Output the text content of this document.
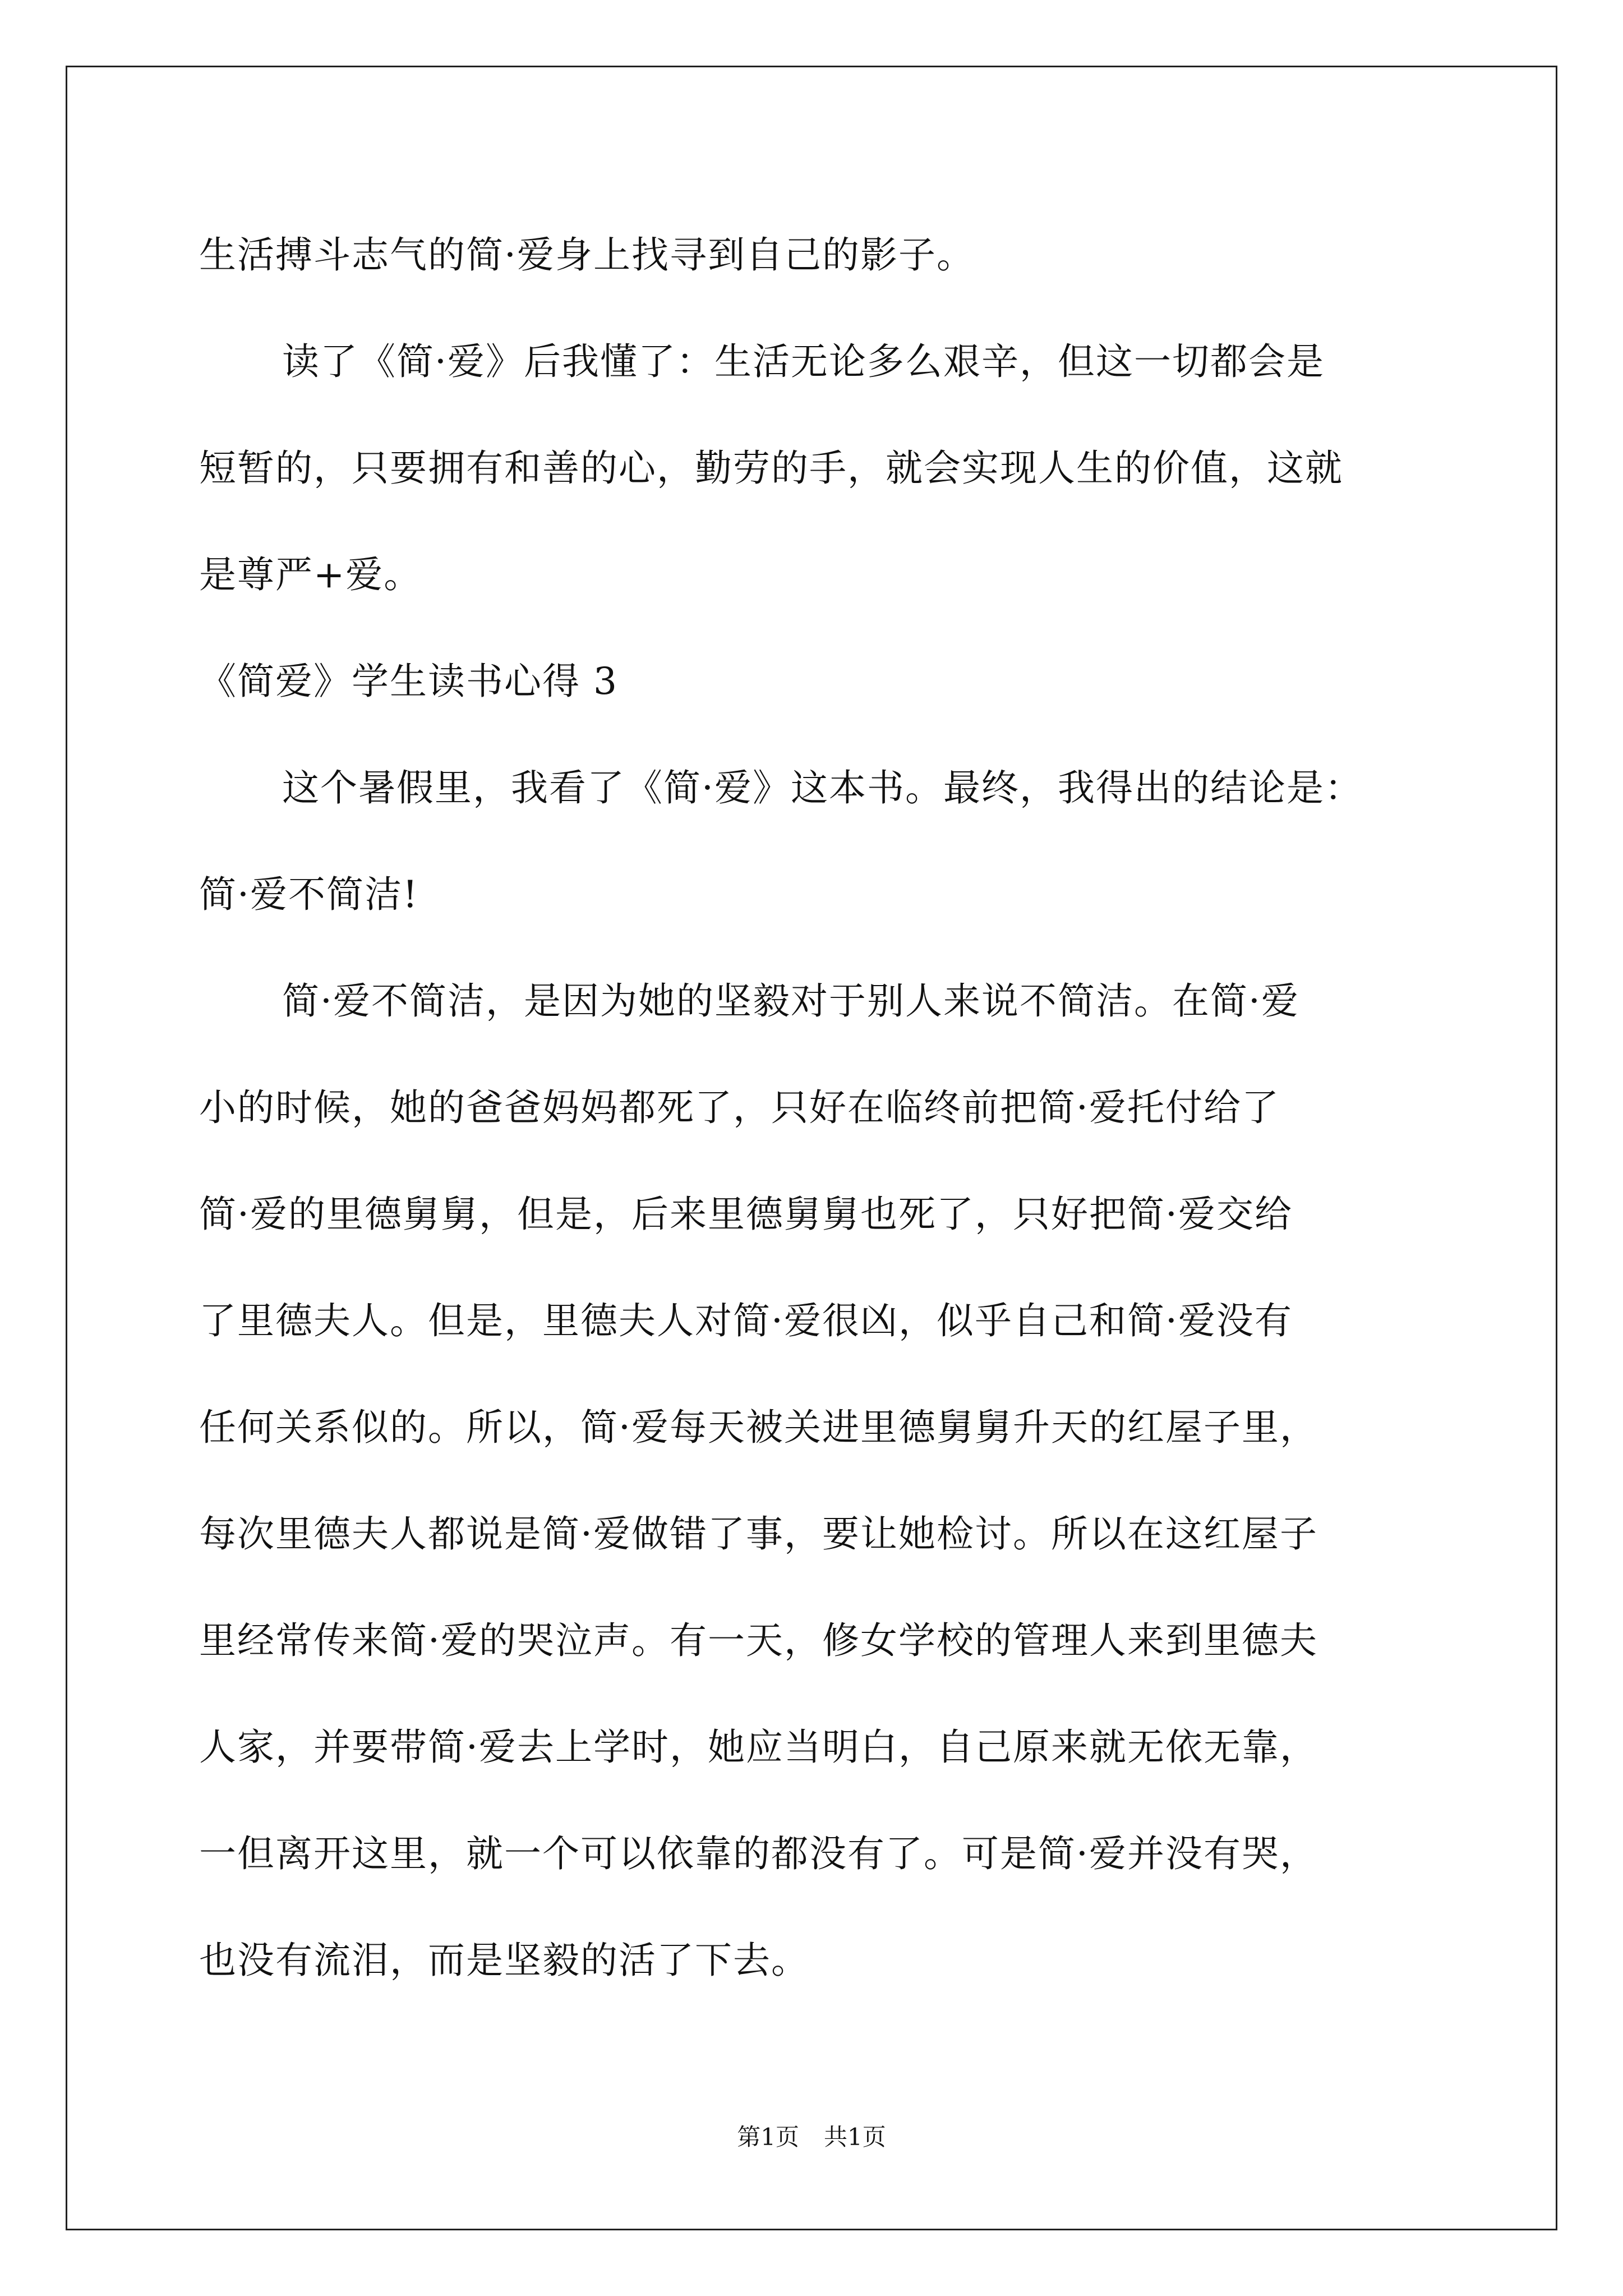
生活搏斗志气的简·爱身上找寻到自己的影子。
读了《简·爱》后我懂了：生活无论多么艰辛，但这一切都会是
短暂的，只要拥有和善的心，勤劳的手，就会实现人生的价值，这就
是尊严+爱。
《简爱》学生读书心得 3
这个暑假里，我看了《简·爱》这本书。最终，我得出的结论是：
简·爱不简洁!
简·爱不简洁，是因为她的坚毅对于别人来说不简洁。在简·爱
小的时候，她的爸爸妈妈都死了，只好在临终前把简·爱托付给了
简·爱的里德舅舅，但是，后来里德舅舅也死了，只好把简·爱交给
了里德夫人。但是，里德夫人对简·爱很凶，似乎自己和简·爱没有
任何关系似的。所以，简·爱每天被关进里德舅舅升天的红屋子里，
每次里德夫人都说是简·爱做错了事，要让她检讨。所以在这红屋子
里经常传来简·爱的哭泣声。有一天，修女学校的管理人来到里德夫
人家，并要带简·爱去上学时，她应当明白，自己原来就无依无靠，
一但离开这里，就一个可以依靠的都没有了。可是简·爱并没有哭，
也没有流泪，而是坚毅的活了下去。
第1页 共1页
